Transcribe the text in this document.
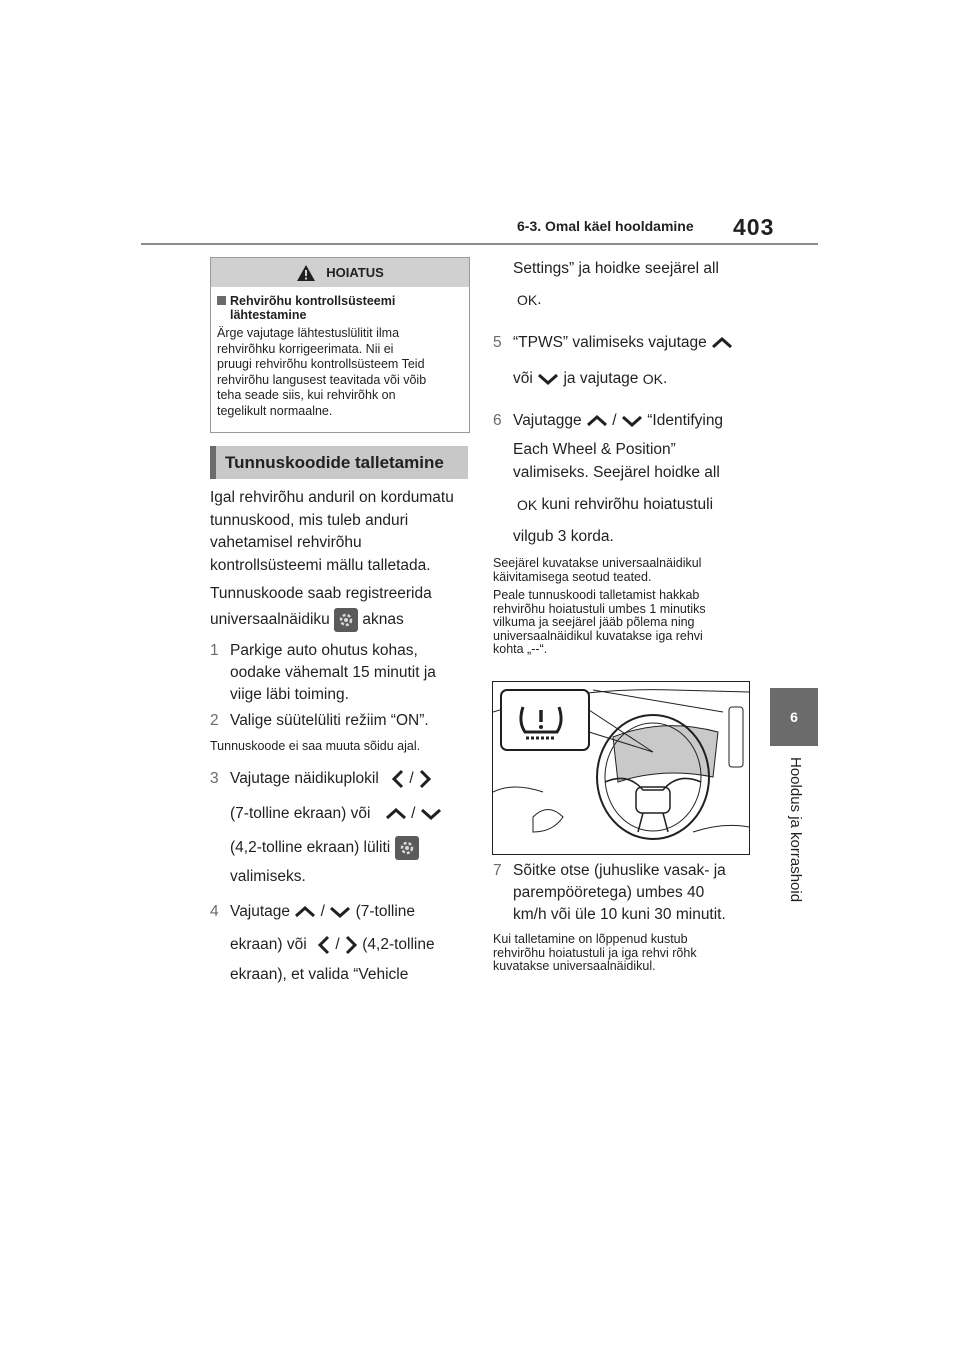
6-3. Omal käel hooldamine 403
6
Hooldus ja korrashoid
HOIATUS
Rehvirõhu kontrollsüsteemi lähtestamine
Ärge vajutage lähtestuslülitit ilma
rehvirõhku korrigeerimata. Nii ei
pruugi rehvirõhu kontrollsüsteem Teid
rehvirõhu langusest teavitada või võib
teha seade siis, kui rehvirõhk on
tegelikult normaalne.
Tunnuskoodide talletamine
Igal rehvirõhu anduril on kordumatu
tunnuskood, mis tuleb anduri
vahetamisel rehvirõhu
kontrollsüsteemi mällu talletada.
Tunnuskoode saab registreerida
universaalnäidiku aknas
1 Parkige auto ohutus kohas,
oodake vähemalt 15 minutit ja
viige läbi toiming.
2 Valige süütelüliti režiim “ON”.
Tunnuskoode ei saa muuta sõidu ajal.
3 Vajutage näidikuplokil /
(7-tolline ekraan) või	/
(4,2-tolline ekraan) lüliti
valimiseks.
4 Vajutage / (7-tolline
ekraan) või / (4,2-tolline
ekraan), et valida “Vehicle
Settings” ja hoidke seejärel all
OK.
5 “TPWS” valimiseks vajutage
või ja vajutage OK.
6 Vajutagge / “Identifying
Each Wheel & Position”
valimiseks. Seejärel hoidke all
OK kuni rehvirõhu hoiatustuli
vilgub 3 korda.
Seejärel kuvatakse universaalnäidikul
käivitamisega seotud teated.
Peale tunnuskoodi talletamist hakkab
rehvirõhu hoiatustuli umbes 1 minutiks
vilkuma ja seejärel jääb põlema ning
universaalnäidikul kuvatakse iga rehvi
kohta „--“.
7 Sõitke otse (juhuslike vasak- ja
parempööretega) umbes 40
km/h või üle 10 kuni 30 minutit.
Kui talletamine on lõppenud kustub
rehvirõhu hoiatustuli ja iga rehvi rõhk
kuvatakse universaalnäidikul.
